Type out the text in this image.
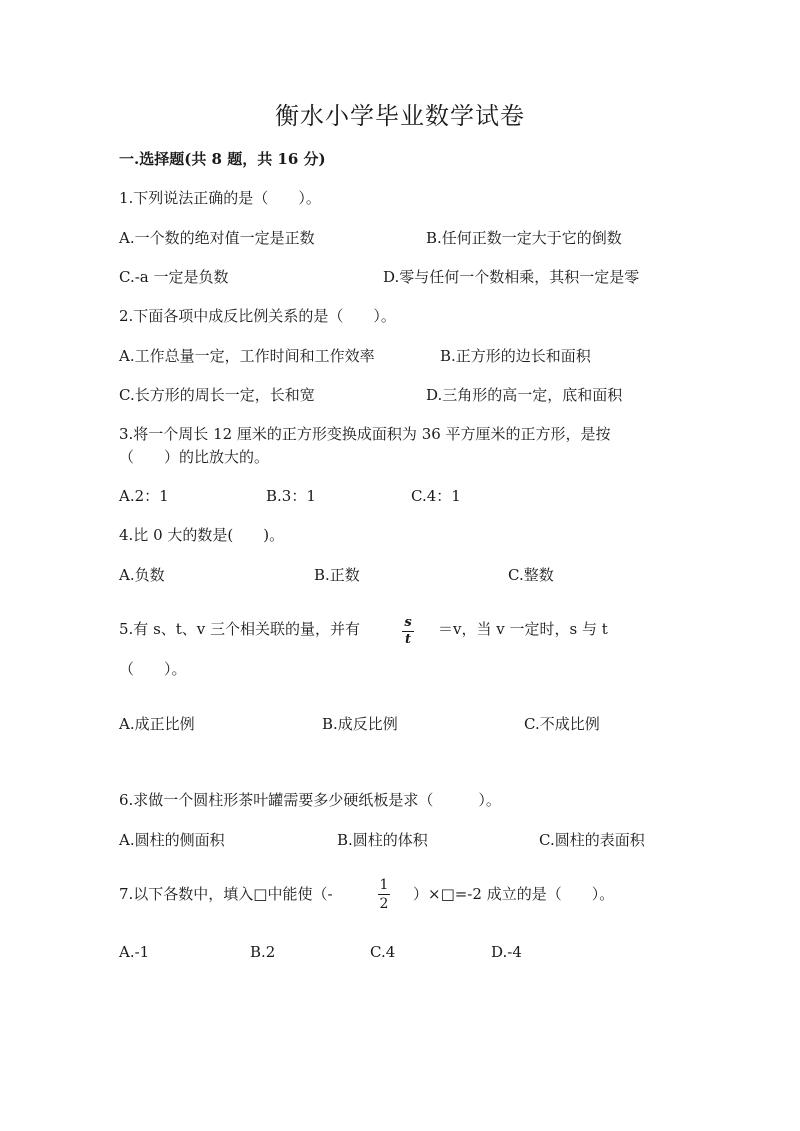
衡水小学毕业数学试卷
一.选择题(共 8 题，共 16 分)
1.下列说法正确的是（　　）。
A.一个数的绝对值一定是正数	B.任何正数一定大于它的倒数
C.-a 一定是负数	D.零与任何一个数相乘，其积一定是零
2.下面各项中成反比例关系的是（　　）。
A.工作总量一定，工作时间和工作效率	B.正方形的边长和面积
C.长方形的周长一定，长和宽	D.三角形的高一定，底和面积
3.将一个周长 12 厘米的正方形变换成面积为 36 平方厘米的正方形，是按
（　　）的比放大的。
A.2：1	B.3：1	C.4：1
4.比 0 大的数是(　　)。
A.负数	B.正数	C.整数
5.有 s、t、v 三个相关联的量，并有	s
t
＝v，当 v 一定时，s 与 t
（　　）。
A.成正比例	B.成反比例	C.不成比例
6.求做一个圆柱形茶叶罐需要多少硬纸板是求（　　　）。
A.圆柱的侧面积	B.圆柱的体积	C.圆柱的表面积
7.以下各数中，填入□中能使（-	1
2
）×□=-2 成立的是（　　）。
A.-1	B.2	C.4	D.-4
